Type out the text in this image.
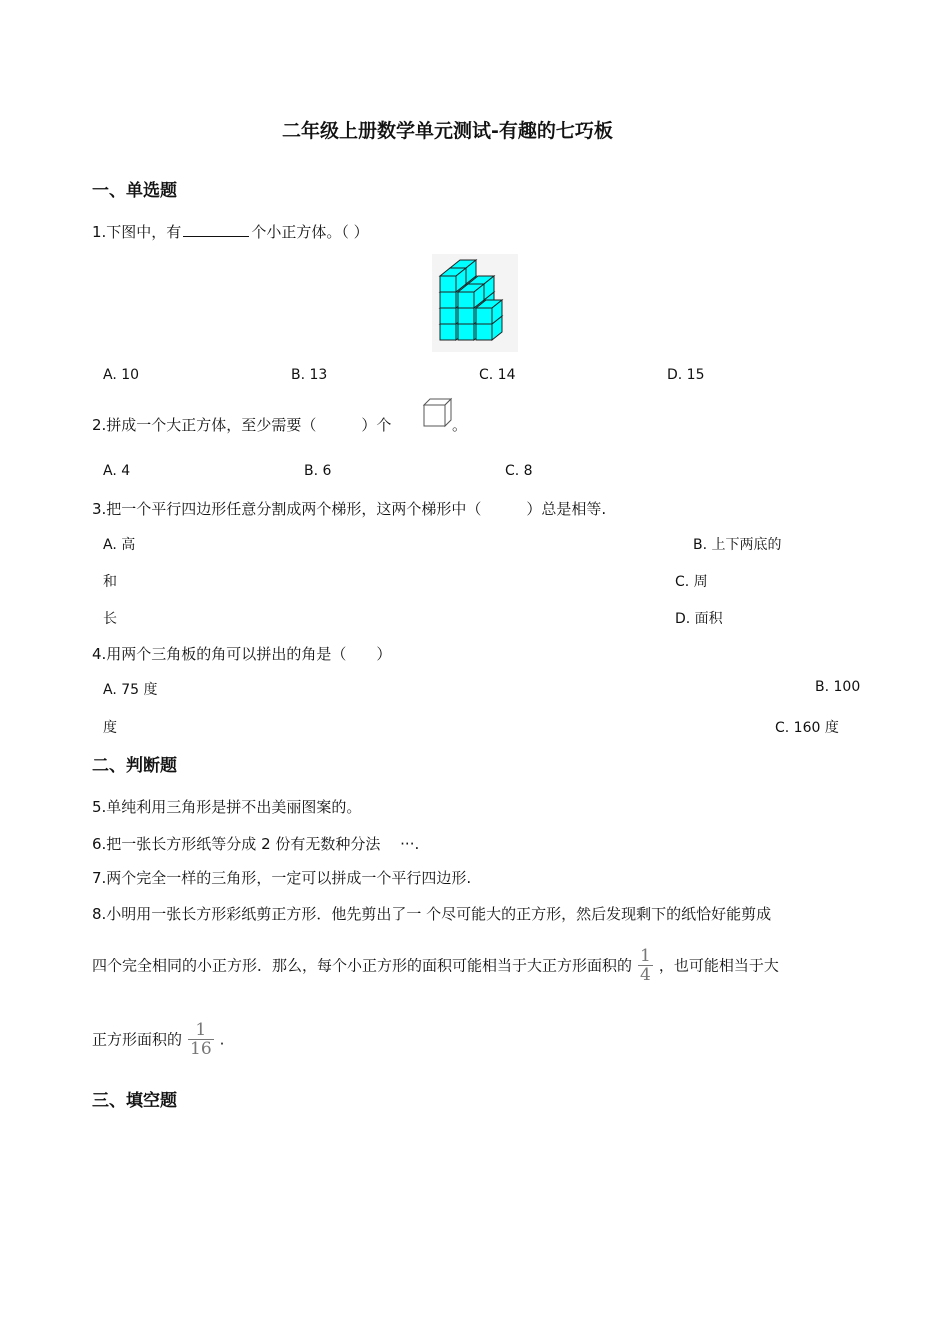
二年级上册数学单元测试-有趣的七巧板
一、单选题
1.下图中，有	个小正方体。（ ）
A. 10	B. 13	C. 14	D. 15
2.拼成一个大正方体，至少需要（　　　）个	。
A. 4	B. 6	C. 8
3.把一个平行四边形任意分割成两个梯形，这两个梯形中（　　　）总是相等.
A. 高	B. 上下两底的
和	C. 周
长	D. 面积
4.用两个三角板的角可以拼出的角是（　　）
A. 75 度	B. 100
度	C. 160 度
二、判断题
5.单纯利用三角形是拼不出美丽图案的。
6.把一张长方形纸等分成 2 份有无数种分法　 ···.
7.两个完全一样的三角形，一定可以拼成一个平行四边形.
8.小明用一张长方形彩纸剪正方形．他先剪出了一 个尽可能大的正方形，然后发现剩下的纸恰好能剪成
四个完全相同的小正方形．那么，每个小正方形的面积可能相当于大正方形面积的 $\frac{1}{4}$ ，也可能相当于大
正方形面积的 $\frac{1}{16}$ .
三、填空题
